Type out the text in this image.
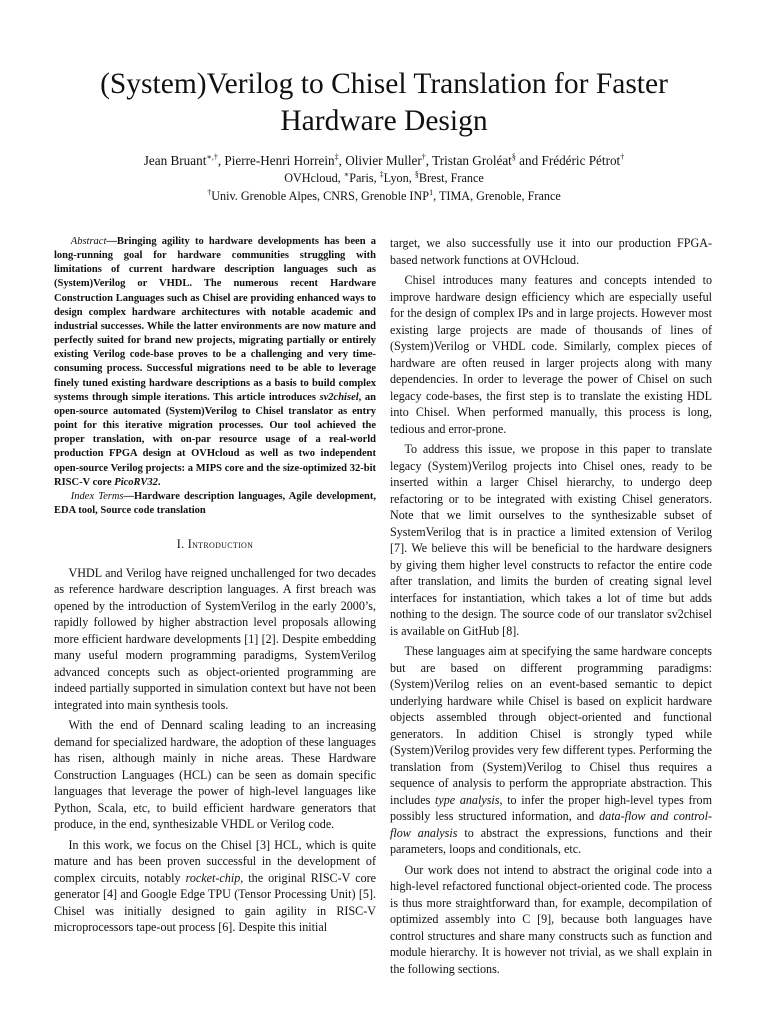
(System)Verilog to Chisel Translation for Faster
Hardware Design
Jean Bruant∗,†, Pierre-Henri Horrein‡, Olivier Muller†, Tristan Groléat§ and Frédéric Pétrot†
OVHcloud, ∗Paris, ‡Lyon, §Brest, France
†Univ. Grenoble Alpes, CNRS, Grenoble INP$^1$, TIMA, Grenoble, France

Abstract—Bringing agility to hardware developments has been a long-running goal for hardware communities struggling with limitations of current hardware description languages such as (System)Verilog or VHDL. The numerous recent Hardware Construction Languages such as Chisel are providing enhanced ways to design complex hardware architectures with notable academic and industrial successes. While the latter environments are now mature and perfectly suited for brand new projects, migrating partially or entirely existing Verilog code-base proves to be a challenging and very time-consuming process. Successful migrations need to be able to leverage finely tuned existing hardware descriptions as a basis to build complex systems through simple iterations. This article introduces sv2chisel, an open-source automated (System)Verilog to Chisel translator as entry point for this iterative migration processes. Our tool achieved the proper translation, with on-par resource usage of a real-world production FPGA design at OVHcloud as well as two independent open-source Verilog projects: a MIPS core and the size-optimized 32-bit RISC-V core PicoRV32.

Index Terms—Hardware description languages, Agile development, EDA tool, Source code translation

I. Introduction

VHDL and Verilog have reigned unchallenged for two decades as reference hardware description languages. A first breach was opened by the introduction of SystemVerilog in the early 2000’s, rapidly followed by higher abstraction level proposals allowing more efficient hardware developments [1] [2]. Despite embedding many useful modern programming paradigms, SystemVerilog advanced concepts such as object-oriented programming are indeed partially supported in simulation context but have not been integrated into main synthesis tools.

With the end of Dennard scaling leading to an increasing demand for specialized hardware, the adoption of these languages has risen, although mainly in niche areas. These Hardware Construction Languages (HCL) can be seen as domain specific languages that leverage the power of high-level languages like Python, Scala, etc, to build efficient hardware generators that produce, in the end, synthesizable VHDL or Verilog code.

In this work, we focus on the Chisel [3] HCL, which is quite mature and has been proven successful in the development of complex circuits, notably rocket-chip, the original RISC-V core generator [4] and Google Edge TPU (Tensor Processing Unit) [5]. Chisel was initially designed to gain agility in RISC-V microprocessors tape-out process [6]. Despite this initial

target, we also successfully use it into our production FPGA-based network functions at OVHcloud.

Chisel introduces many features and concepts intended to improve hardware design efficiency which are especially useful for the design of complex IPs and in large projects. However most existing large projects are made of thousands of lines of (System)Verilog or VHDL code. Similarly, complex pieces of hardware are often reused in larger projects along with many dependencies. In order to leverage the power of Chisel on such legacy code-bases, the first step is to translate the existing HDL into Chisel. When performed manually, this process is long, tedious and error-prone.

To address this issue, we propose in this paper to translate legacy (System)Verilog projects into Chisel ones, ready to be inserted within a larger Chisel hierarchy, to undergo deep refactoring or to be integrated with existing Chisel generators. Note that we limit ourselves to the synthesizable subset of SystemVerilog that is in practice a limited extension of Verilog [7]. We believe this will be beneficial to the hardware designers by giving them higher level constructs to refactor the entire code after translation, and limits the burden of creating signal level interfaces for instantiation, which takes a lot of time but adds nothing to the design. The source code of our translator sv2chisel is available on GitHub [8].

These languages aim at specifying the same hardware concepts but are based on different programming paradigms: (System)Verilog relies on an event-based semantic to depict underlying hardware while Chisel is based on explicit hardware objects assembled through object-oriented and functional generators. In addition Chisel is strongly typed while (System)Verilog provides very few different types. Performing the translation from (System)Verilog to Chisel thus requires a sequence of analysis to perform the appropriate abstraction. This includes type analysis, to infer the proper high-level types from possibly less structured information, and data-flow and control-flow analysis to abstract the expressions, functions and their parameters, loops and conditionals, etc.

Our work does not intend to abstract the original code into a high-level refactored functional object-oriented code. The process is thus more straightforward than, for example, decompilation of optimized assembly into C [9], because both languages have control structures and share many constructs such as function and module hierarchy. It is however not trivial, as we shall explain in the following sections.
